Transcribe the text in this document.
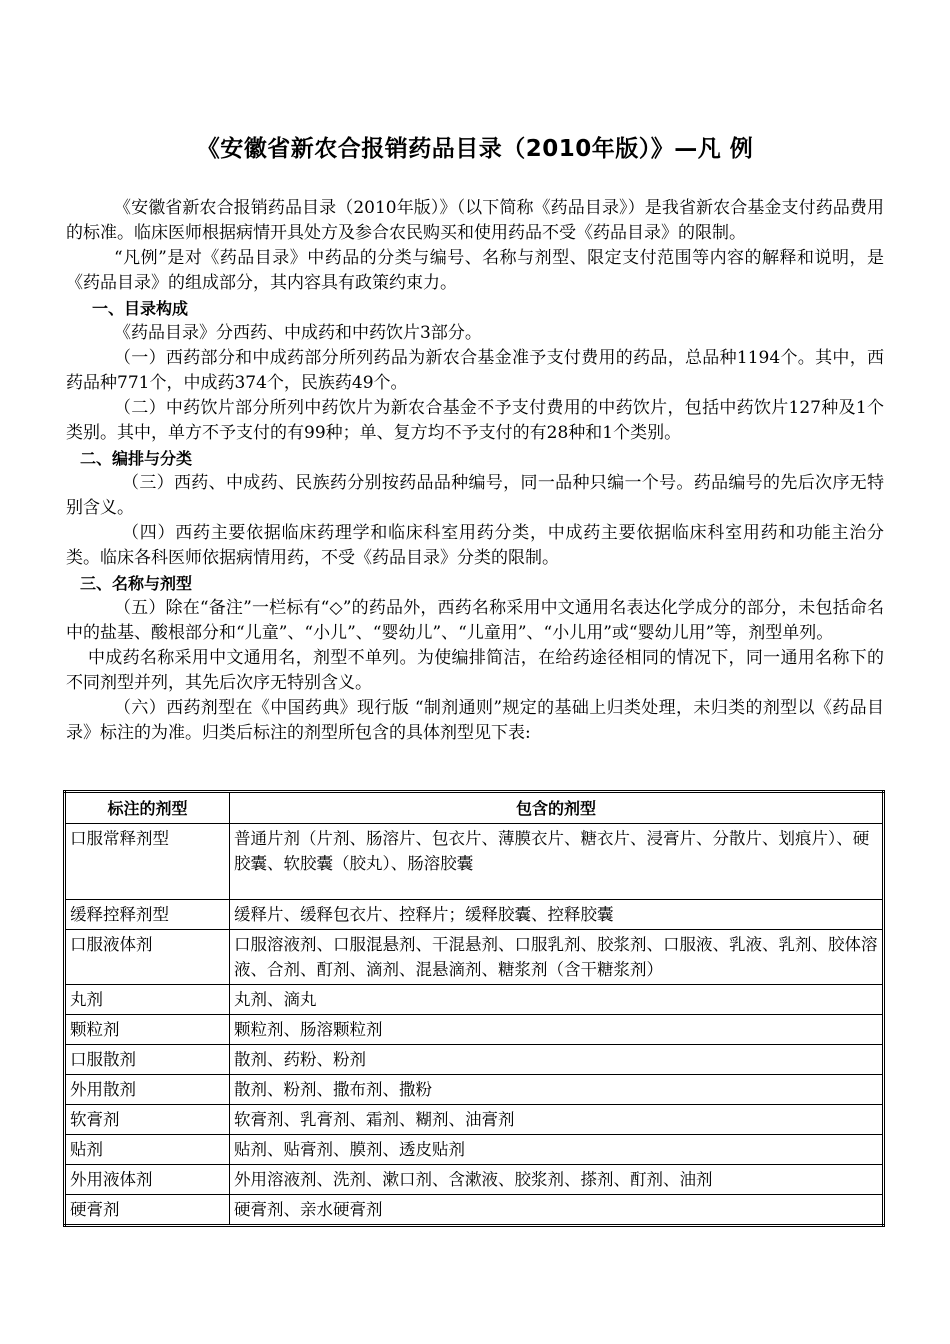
《安徽省新农合报销药品目录（2010年版）》—凡 例

《安徽省新农合报销药品目录（2010年版）》（以下简称《药品目录》）是我省新农合基金支付药品费用的标准。临床医师根据病情开具处方及参合农民购买和使用药品不受《药品目录》的限制。

“凡例”是对《药品目录》中药品的分类与编号、名称与剂型、限定支付范围等内容的解释和说明，是《药品目录》的组成部分，其内容具有政策约束力。

一、目录构成

《药品目录》分西药、中成药和中药饮片3部分。

（一）西药部分和中成药部分所列药品为新农合基金准予支付费用的药品，总品种1194个。其中，西药品种771个，中成药374个，民族药49个。

（二）中药饮片部分所列中药饮片为新农合基金不予支付费用的中药饮片，包括中药饮片127种及1个类别。其中，单方不予支付的有99种；单、复方均不予支付的有28种和1个类别。

二、编排与分类

（三）西药、中成药、民族药分别按药品品种编号，同一品种只编一个号。药品编号的先后次序无特别含义。

（四）西药主要依据临床药理学和临床科室用药分类，中成药主要依据临床科室用药和功能主治分类。临床各科医师依据病情用药，不受《药品目录》分类的限制。

三、名称与剂型

（五）除在“备注”一栏标有“◇”的药品外，西药名称采用中文通用名表达化学成分的部分，未包括命名中的盐基、酸根部分和“儿童”、“小儿”、“婴幼儿”、“儿童用”、“小儿用”或“婴幼儿用”等，剂型单列。

中成药名称采用中文通用名，剂型不单列。为使编排简洁，在给药途径相同的情况下，同一通用名称下的不同剂型并列，其先后次序无特别含义。

（六）西药剂型在《中国药典》现行版 “制剂通则”规定的基础上归类处理，未归类的剂型以《药品目录》标注的为准。归类后标注的剂型所包含的具体剂型见下表:

标注的剂型	包含的剂型
口服常释剂型	普通片剂（片剂、肠溶片、包衣片、薄膜衣片、糖衣片、浸膏片、分散片、划痕片）、硬胶囊、软胶囊（胶丸）、肠溶胶囊
缓释控释剂型	缓释片、缓释包衣片、控释片；缓释胶囊、控释胶囊
口服液体剂	口服溶液剂、口服混悬剂、干混悬剂、口服乳剂、胶浆剂、口服液、乳液、乳剂、胶体溶液、合剂、酊剂、滴剂、混悬滴剂、糖浆剂（含干糖浆剂）
丸剂	丸剂、滴丸
颗粒剂	颗粒剂、肠溶颗粒剂
口服散剂	散剂、药粉、粉剂
外用散剂	散剂、粉剂、撒布剂、撒粉
软膏剂	软膏剂、乳膏剂、霜剂、糊剂、油膏剂
贴剂	贴剂、贴膏剂、膜剂、透皮贴剂
外用液体剂	外用溶液剂、洗剂、漱口剂、含漱液、胶浆剂、搽剂、酊剂、油剂
硬膏剂	硬膏剂、亲水硬膏剂
